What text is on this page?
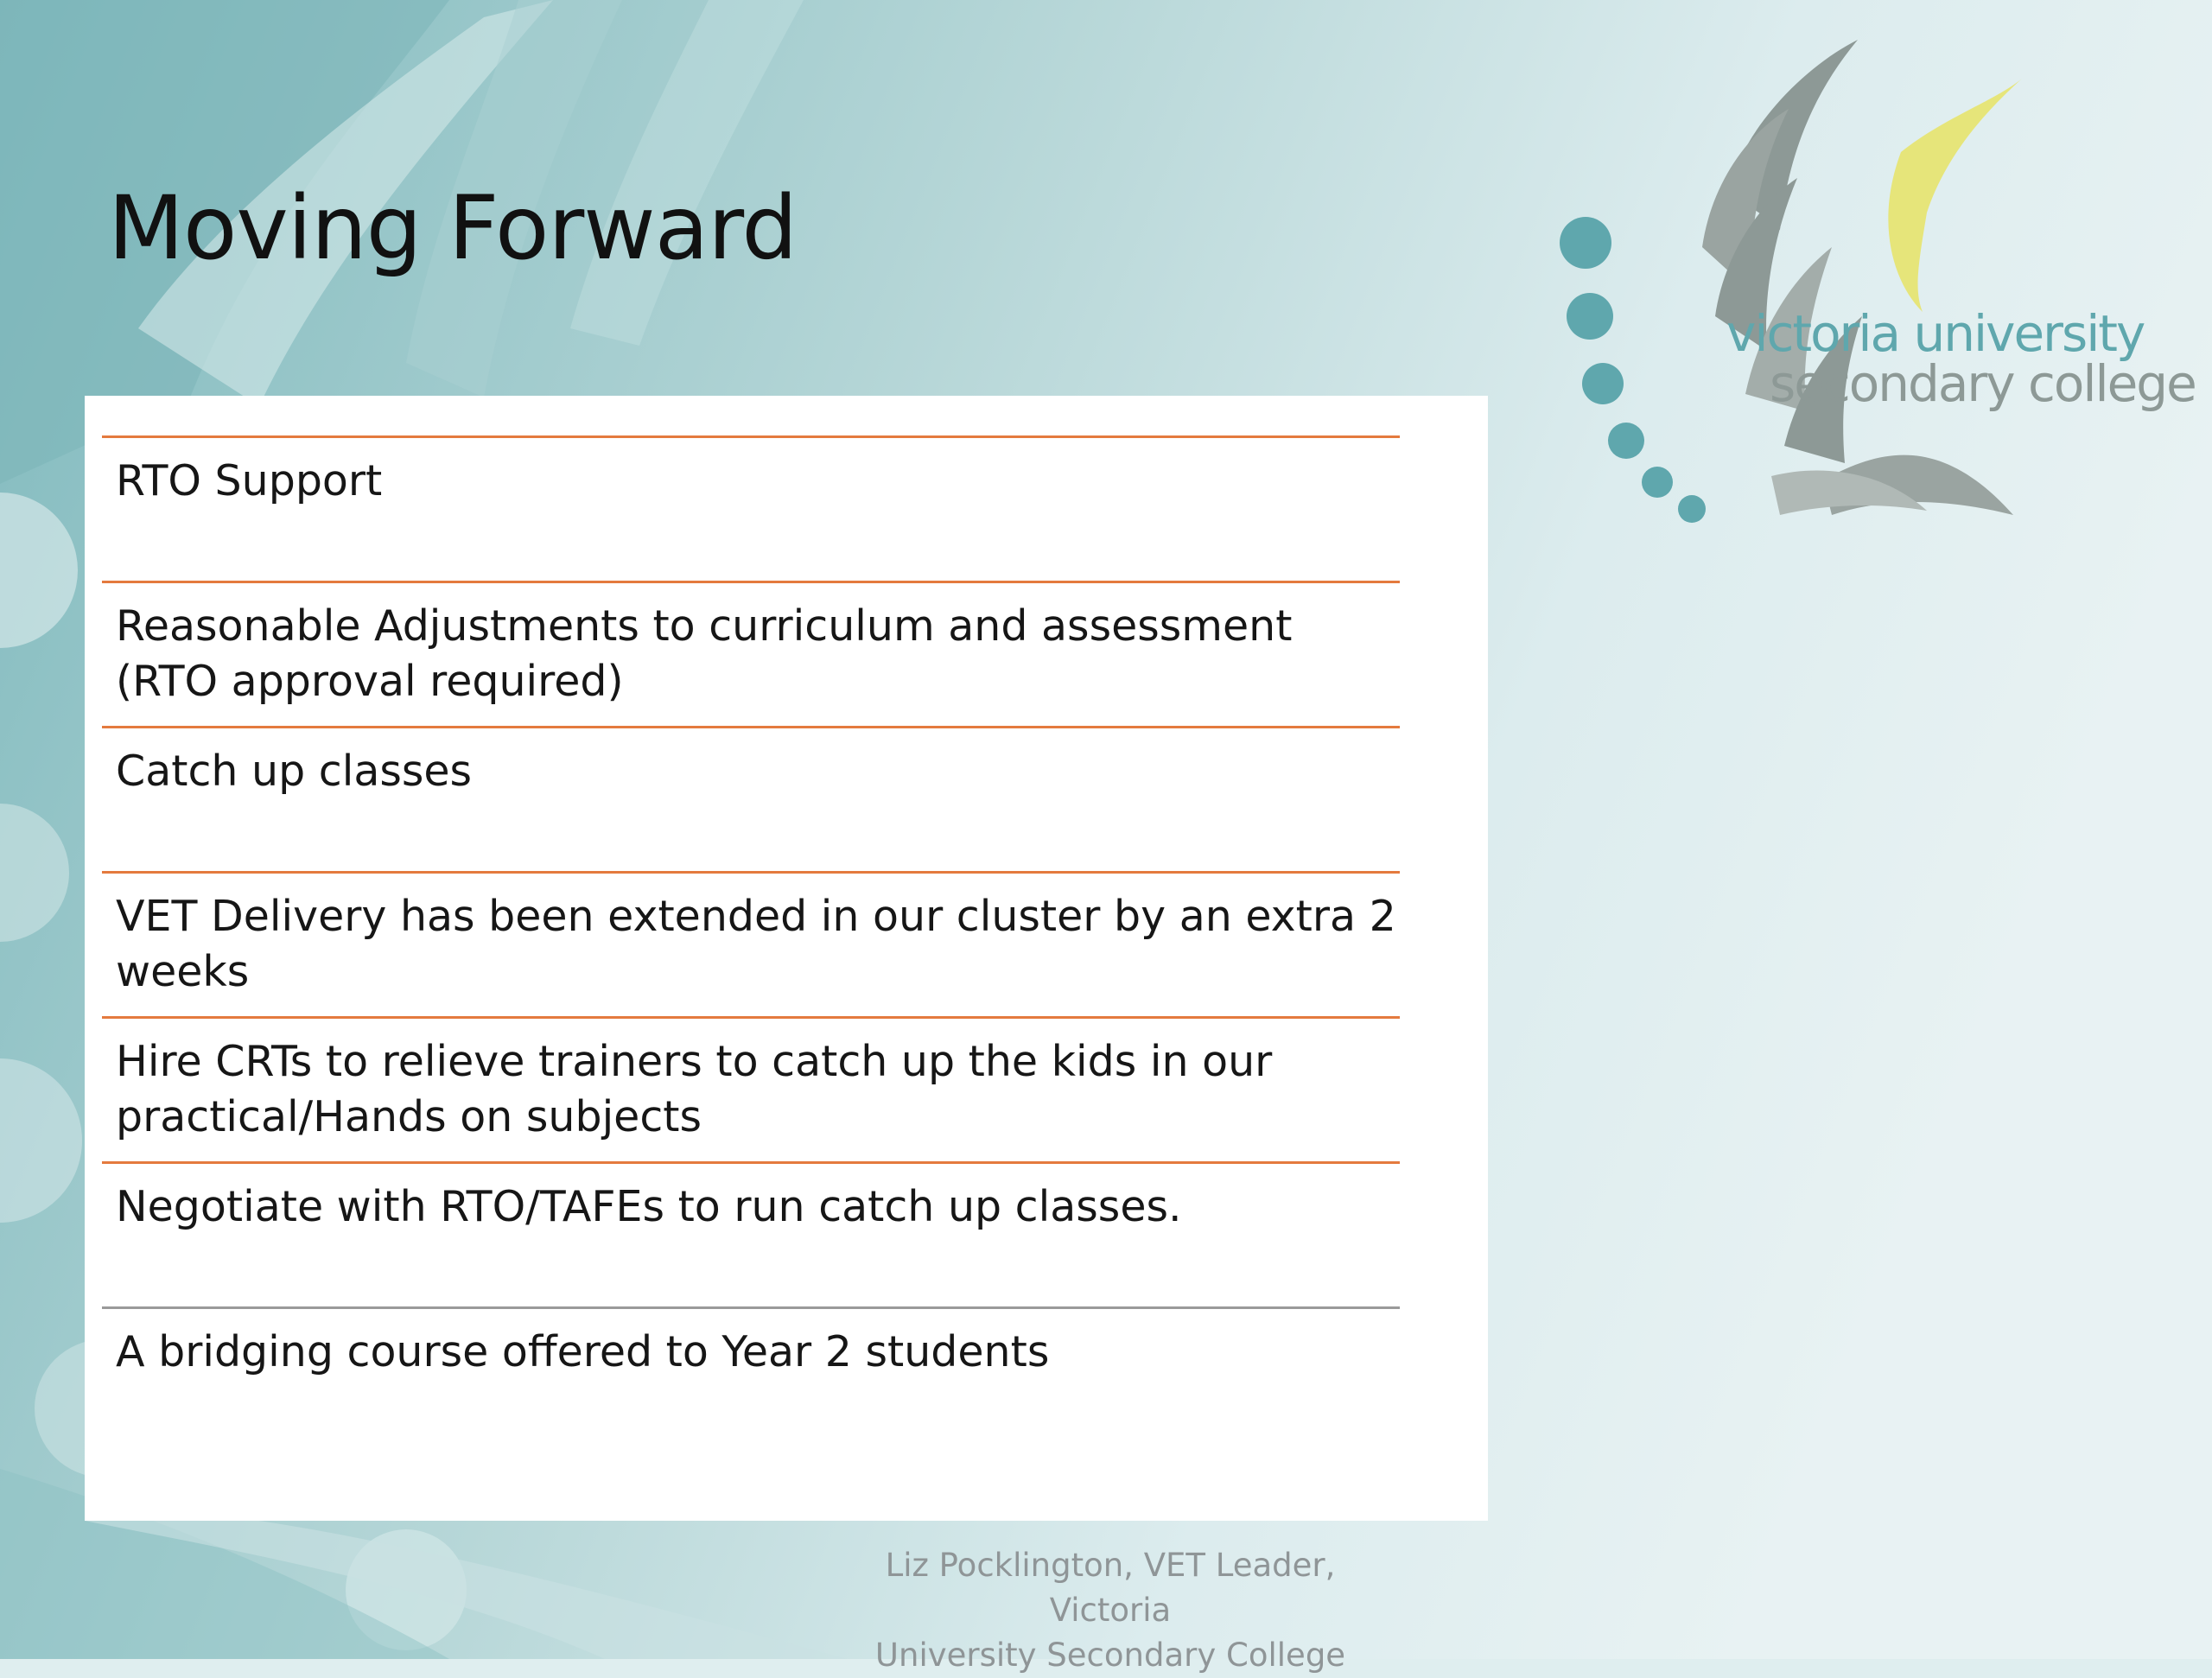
Moving Forward
victoria university
secondary college
RTO Support
Reasonable Adjustments to curriculum and assessment (RTO approval required)
Catch up classes
VET Delivery has been extended in our cluster by an extra 2 weeks
Hire CRTs to relieve trainers to catch up the kids in our practical/Hands on subjects
Negotiate with RTO/TAFEs to run catch up classes.
A bridging course offered to Year 2 students
Liz Pocklington, VET Leader, Victoria
University Secondary College
